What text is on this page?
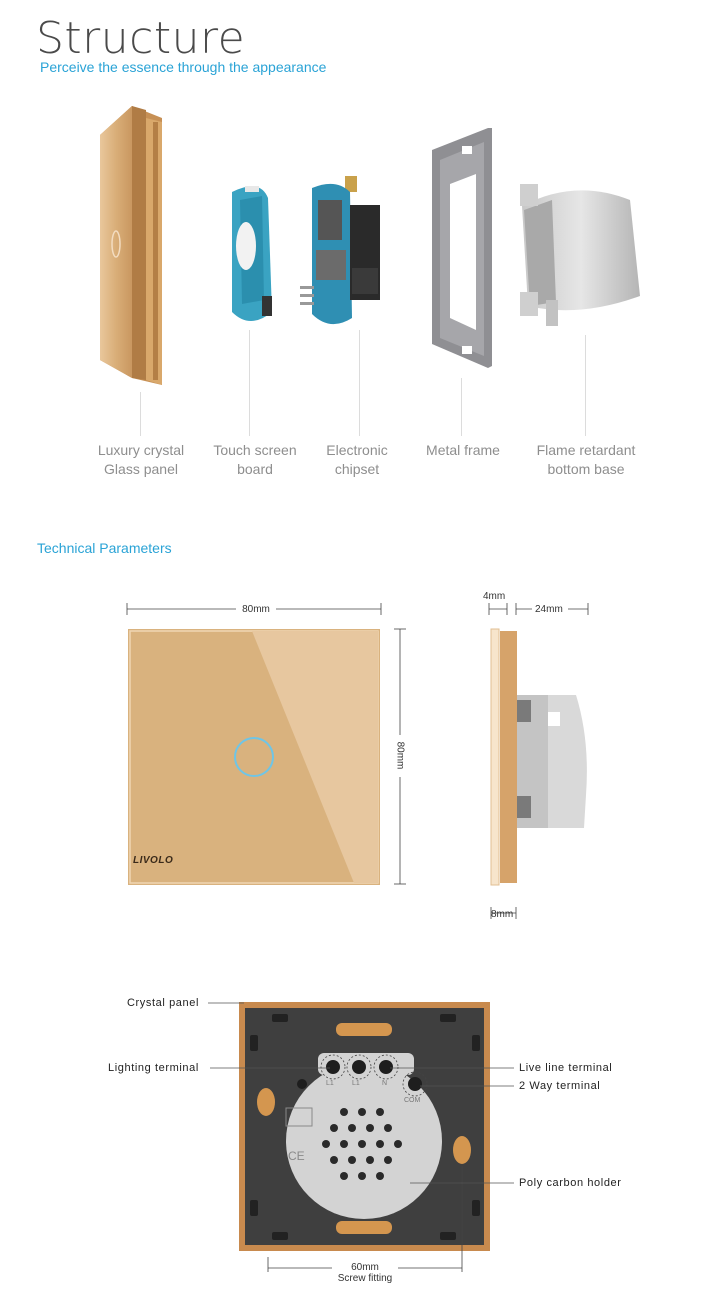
Structure
Perceive the essence through the appearance
Luxury crystal
Glass panel
Touch screen
board
Electronic
chipset
Metal frame	Flame retardant
bottom base
Technical Parameters
80mm
80mm
LIVOLO
4mm
24mm
8mm
CE
L1	L1	N
COM
Crystal panel
Lighting terminal	Live line terminal
2 Way terminal
Poly carbon holder
60mm
Screw fitting
